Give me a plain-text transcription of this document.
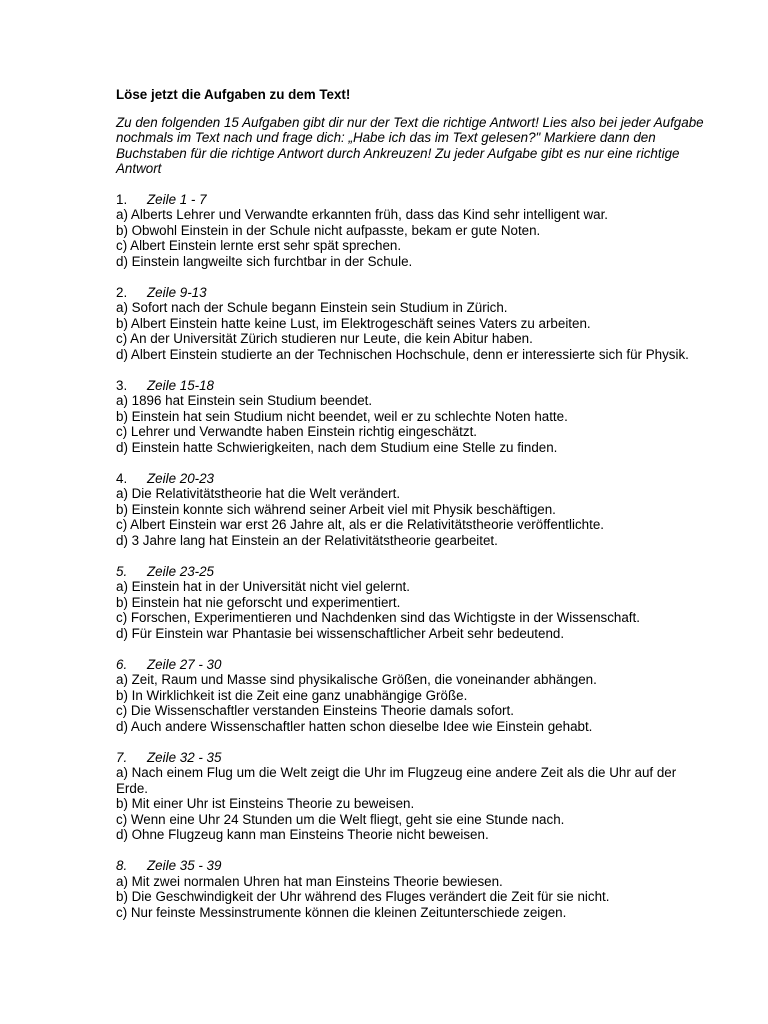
Löse jetzt die Aufgaben zu dem Text!
Zu den folgenden 15 Aufgaben gibt dir nur der Text die richtige Antwort! Lies also bei jeder Aufgabe nochmals im Text nach und frage dich: „Habe ich das im Text gelesen?" Markiere dann den Buchstaben für die richtige Antwort durch Ankreuzen! Zu jeder Aufgabe gibt es nur eine richtige Antwort
1.	Zeile 1 - 7
a) Alberts Lehrer und Verwandte erkannten früh, dass das Kind sehr intelligent war.
b) Obwohl Einstein in der Schule nicht aufpasste, bekam er gute Noten.
c) Albert Einstein lernte erst sehr spät sprechen.
d) Einstein langweilte sich furchtbar in der Schule.
2.	Zeile 9-13
a) Sofort nach der Schule begann Einstein sein Studium in Zürich.
b) Albert Einstein hatte keine Lust, im Elektrogeschäft seines Vaters zu arbeiten.
c) An der Universität Zürich studieren nur Leute, die kein Abitur haben.
d) Albert Einstein studierte an der Technischen Hochschule, denn er interessierte sich für Physik.
3.	Zeile 15-18
a) 1896 hat Einstein sein Studium beendet.
b) Einstein hat sein Studium nicht beendet, weil er zu schlechte Noten hatte.
c) Lehrer und Verwandte haben Einstein richtig eingeschätzt.
d) Einstein hatte Schwierigkeiten, nach dem Studium eine Stelle zu finden.
4.	Zeile 20-23
a) Die Relativitätstheorie hat die Welt verändert.
b) Einstein konnte sich während seiner Arbeit viel mit Physik beschäftigen.
c) Albert Einstein war erst 26 Jahre alt, als er die Relativitätstheorie veröffentlichte.
d) 3 Jahre lang hat Einstein an der Relativitätstheorie gearbeitet.
5.	Zeile 23-25
a) Einstein hat in der Universität nicht viel gelernt.
b) Einstein hat nie geforscht und experimentiert.
c) Forschen, Experimentieren und Nachdenken sind das Wichtigste in der Wissenschaft.
d) Für Einstein war Phantasie bei wissenschaftlicher Arbeit sehr bedeutend.
6.	Zeile 27 - 30
a) Zeit, Raum und Masse sind physikalische Größen, die voneinander abhängen.
b) In Wirklichkeit ist die Zeit eine ganz unabhängige Größe.
c) Die Wissenschaftler verstanden Einsteins Theorie damals sofort.
d) Auch andere Wissenschaftler hatten schon dieselbe Idee wie Einstein gehabt.
7.	Zeile 32 - 35
a) Nach einem Flug um die Welt zeigt die Uhr im Flugzeug eine andere Zeit als die Uhr auf der Erde.
b) Mit einer Uhr ist Einsteins Theorie zu beweisen.
c) Wenn eine Uhr 24 Stunden um die Welt fliegt, geht sie eine Stunde nach.
d) Ohne Flugzeug kann man Einsteins Theorie nicht beweisen.
8.	Zeile 35 - 39
a) Mit zwei normalen Uhren hat man Einsteins Theorie bewiesen.
b) Die Geschwindigkeit der Uhr während des Fluges verändert die Zeit für sie nicht.
c) Nur feinste Messinstrumente können die kleinen Zeitunterschiede zeigen.
